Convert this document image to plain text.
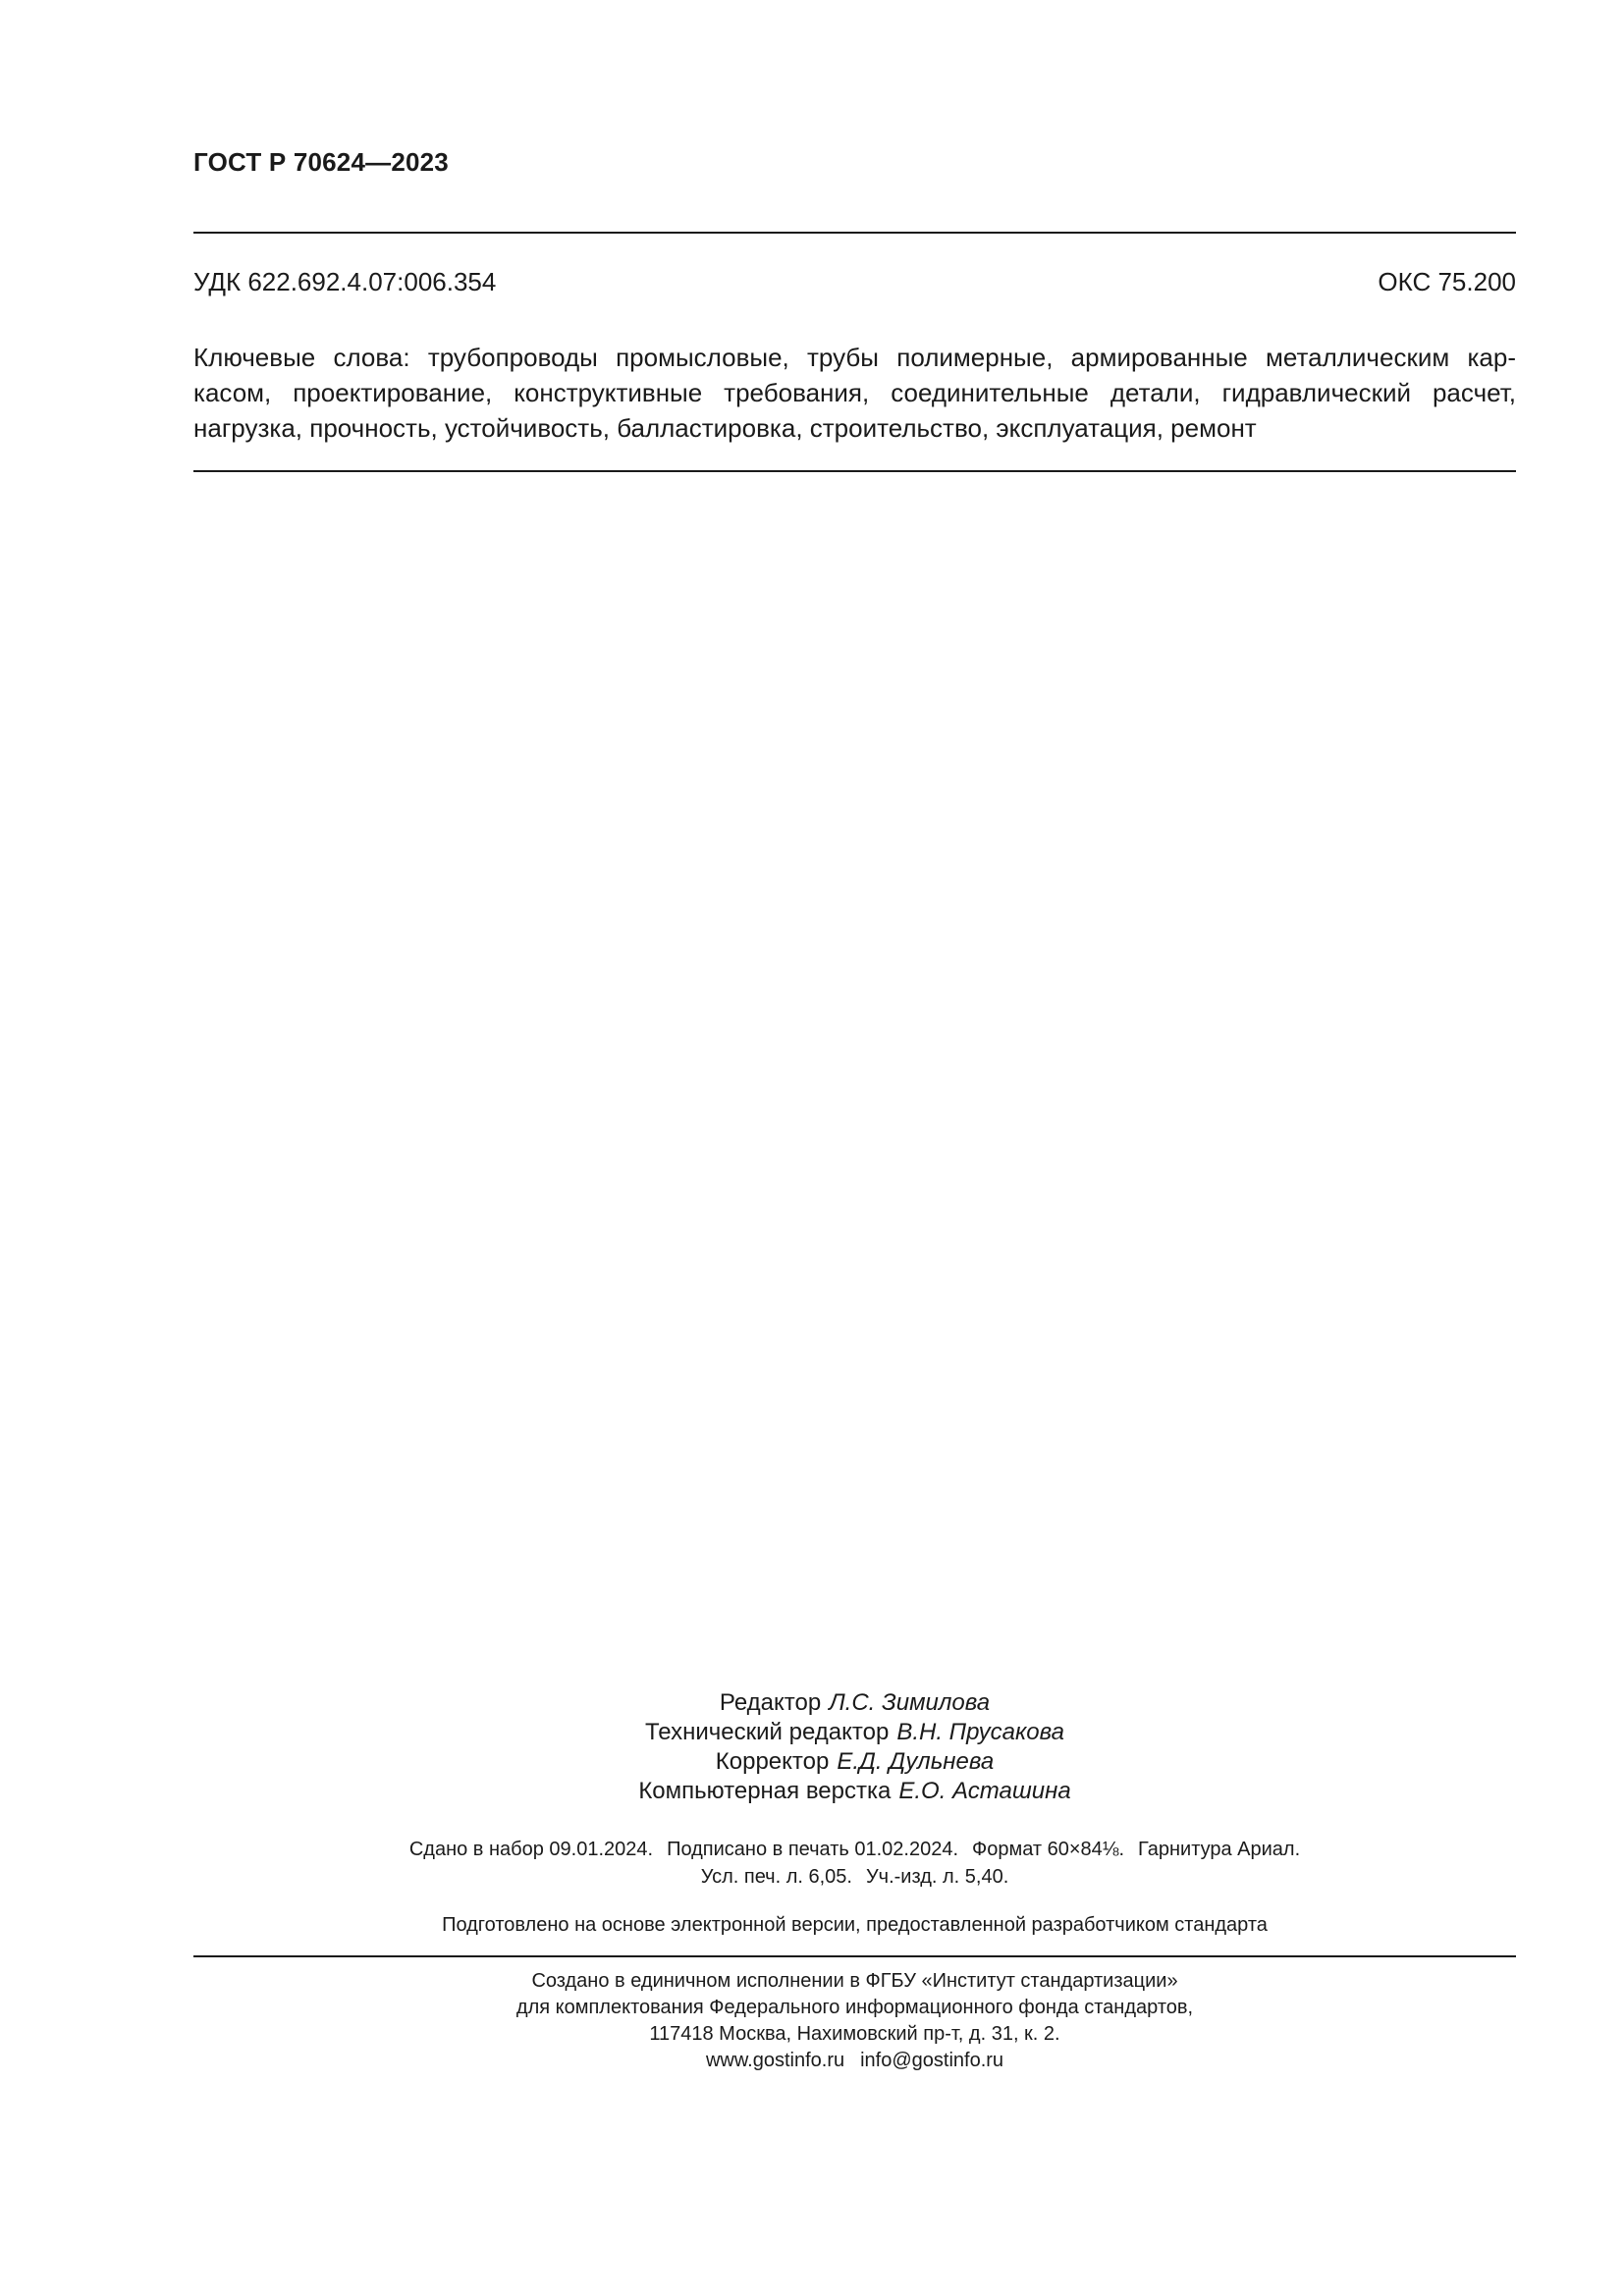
ГОСТ Р 70624—2023
УДК 622.692.4.07:006.354	ОКС 75.200
Ключевые слова: трубопроводы промысловые, трубы полимерные, армированные металлическим кар-
касом, проектирование, конструктивные требования, соединительные детали, гидравлический расчет,
нагрузка, прочность, устойчивость, балластировка, строительство, эксплуатация, ремонт
Редактор Л.С. Зимилова
Технический редактор В.Н. Прусакова
Корректор Е.Д. Дульнева
Компьютерная верстка Е.О. Асташина
Сдано в набор 09.01.2024. Подписано в печать 01.02.2024. Формат 60×84⅛. Гарнитура Ариал.
Усл. печ. л. 6,05. Уч.-изд. л. 5,40.
Подготовлено на основе электронной версии, предоставленной разработчиком стандарта
Создано в единичном исполнении в ФГБУ «Институт стандартизации»
для комплектования Федерального информационного фонда стандартов,
117418 Москва, Нахимовский пр-т, д. 31, к. 2.
www.gostinfo.ru info@gostinfo.ru
